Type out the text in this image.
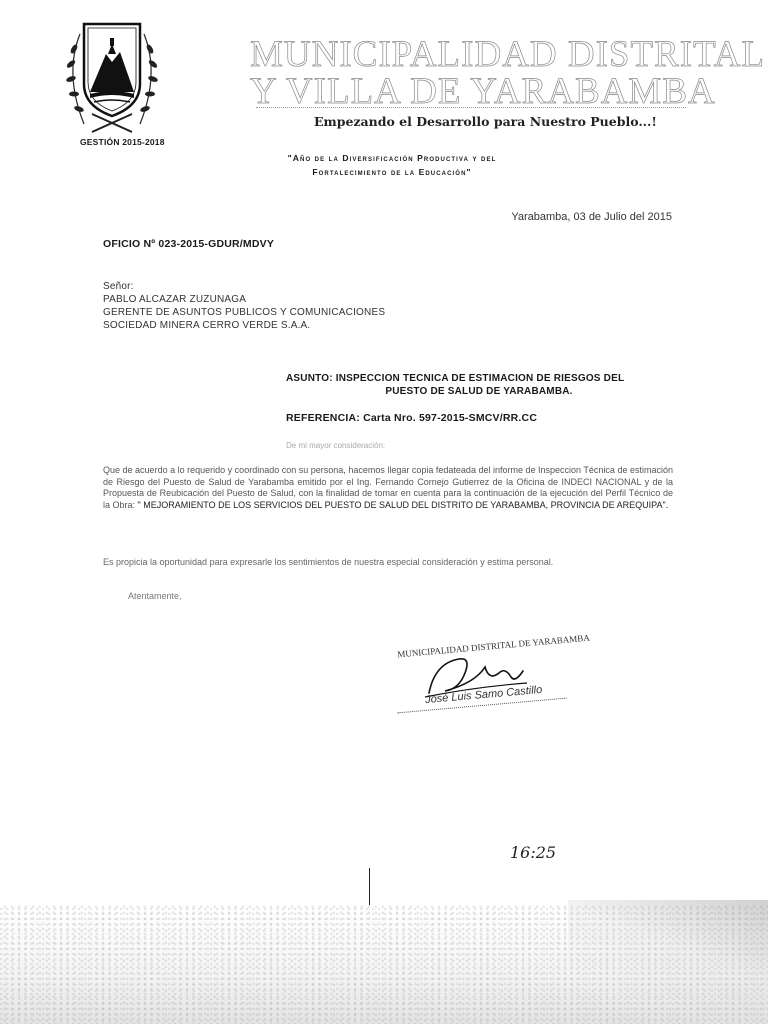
GESTIÓN 2015-2018
MUNICIPALIDAD DISTRITAL
Y VILLA DE YARABAMBA
Empezando el Desarrollo para Nuestro Pueblo...!
"Año de la Diversificación Productiva y del
Fortalecimiento de la Educación"
Yarabamba, 03 de Julio del 2015
OFICIO Nº 023-2015-GDUR/MDVY
Señor:
PABLO ALCAZAR ZUZUNAGA
GERENTE DE ASUNTOS PUBLICOS Y COMUNICACIONES
SOCIEDAD MINERA CERRO VERDE S.A.A.
ASUNTO: INSPECCION TECNICA DE ESTIMACION DE RIESGOS DEL
PUESTO DE SALUD DE YARABAMBA.
REFERENCIA: Carta Nro. 597-2015-SMCV/RR.CC
De mi mayor consideración:
Que de acuerdo a lo requerido y coordinado con su persona, hacemos llegar copia fedateada del informe de Inspeccion Técnica de estimación de Riesgo del Puesto de Salud de Yarabamba emitido por el Ing. Fernando Cornejo Gutierrez de la Oficina de INDECI NACIONAL y de la Propuesta de Reubicación del Puesto de Salud, con la finalidad de tomar en cuenta para la continuación de la ejecución del Perfil Técnico de la Obra: " MEJORAMIENTO DE LOS SERVICIOS DEL PUESTO DE SALUD DEL DISTRITO DE YARABAMBA, PROVINCIA DE AREQUIPA".
Es propicia la oportunidad para expresarle los sentimientos de nuestra especial consideración y estima personal.
Atentamente,
MUNICIPALIDAD DISTRITAL DE YARABAMBA
José Luis Samo Castillo
16:25
